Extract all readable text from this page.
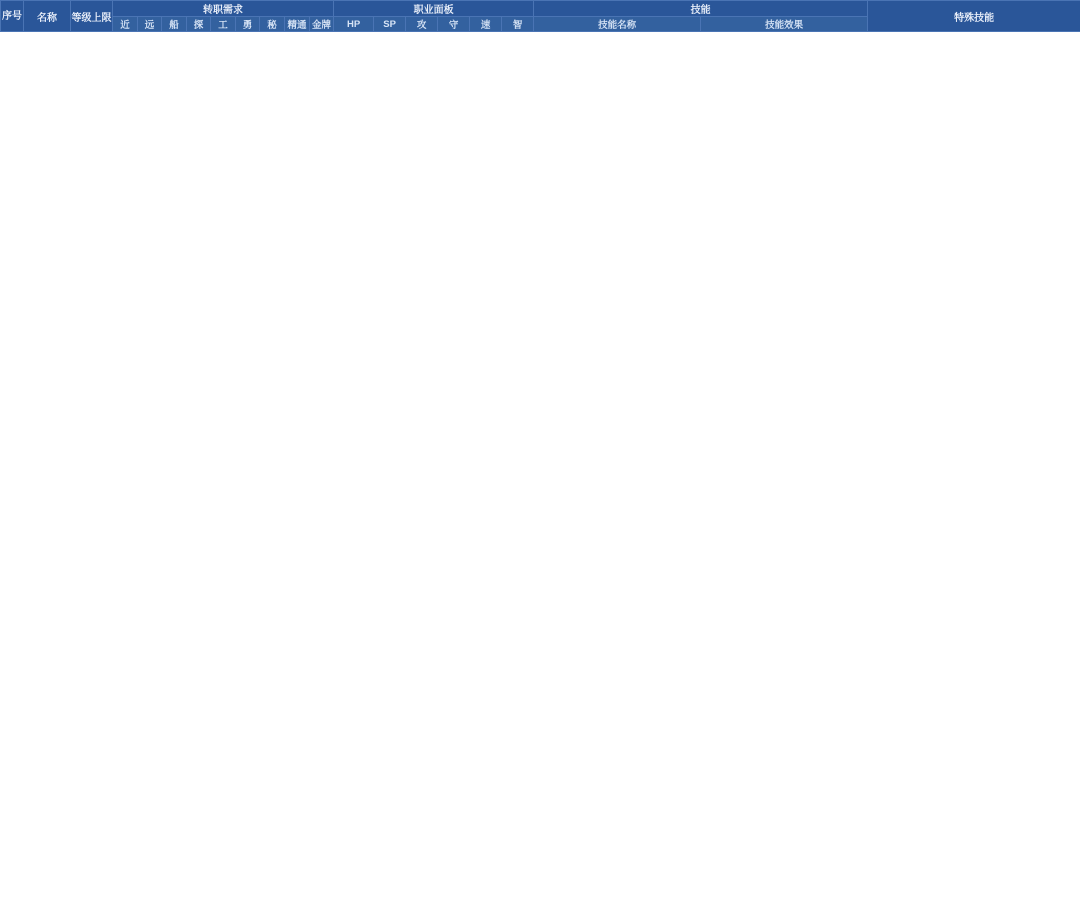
序号	名称	等级上限	转职需求									职业面板						技能		特殊技能
			近	远	船	探	工	勇	秘	精通	金牌	HP	SP	攻	守	速	智	技能名称	技能效果	
